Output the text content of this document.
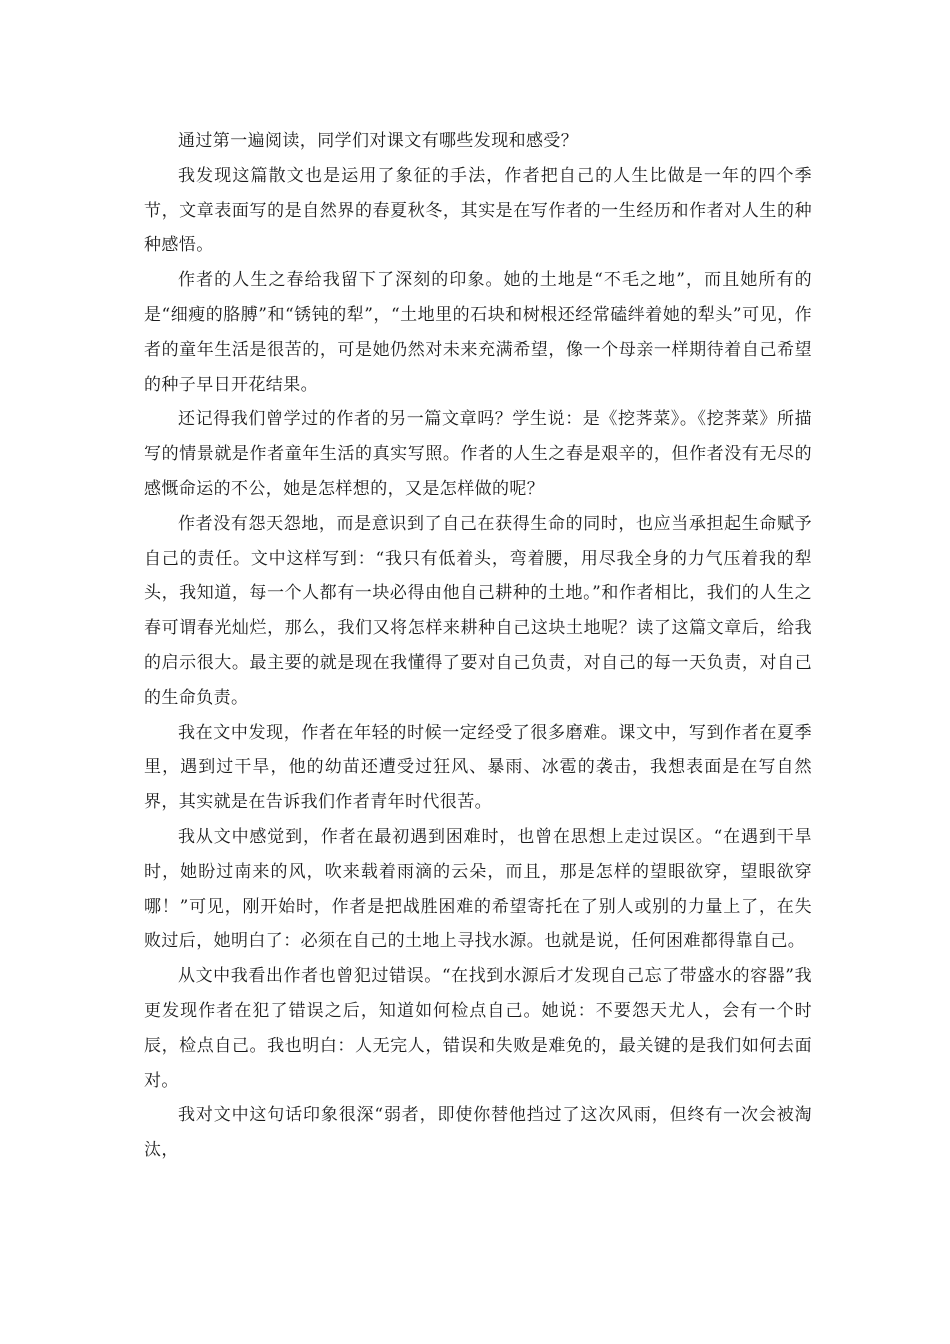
通过第一遍阅读，同学们对课文有哪些发现和感受？

我发现这篇散文也是运用了象征的手法，作者把自己的人生比做是一年的四个季节，文章表面写的是自然界的春夏秋冬，其实是在写作者的一生经历和作者对人生的种种感悟。

作者的人生之春给我留下了深刻的印象。她的土地是“不毛之地”，而且她所有的是“细瘦的胳膊”和“锈钝的犁”，“土地里的石块和树根还经常磕绊着她的犁头”可见，作者的童年生活是很苦的，可是她仍然对未来充满希望，像一个母亲一样期待着自己希望的种子早日开花结果。

还记得我们曾学过的作者的另一篇文章吗？学生说：是《挖荠菜》。《挖荠菜》所描写的情景就是作者童年生活的真实写照。作者的人生之春是艰辛的，但作者没有无尽的感慨命运的不公，她是怎样想的，又是怎样做的呢？

作者没有怨天怨地，而是意识到了自己在获得生命的同时，也应当承担起生命赋予自己的责任。文中这样写到：“我只有低着头，弯着腰，用尽我全身的力气压着我的犁头，我知道，每一个人都有一块必得由他自己耕种的土地。”和作者相比，我们的人生之春可谓春光灿烂，那么，我们又将怎样来耕种自己这块土地呢？读了这篇文章后，给我的启示很大。最主要的就是现在我懂得了要对自己负责，对自己的每一天负责，对自己的生命负责。

我在文中发现，作者在年轻的时候一定经受了很多磨难。课文中，写到作者在夏季里，遇到过干旱，他的幼苗还遭受过狂风、暴雨、冰雹的袭击，我想表面是在写自然界，其实就是在告诉我们作者青年时代很苦。

我从文中感觉到，作者在最初遇到困难时，也曾在思想上走过误区。“在遇到干旱时，她盼过南来的风，吹来载着雨滴的云朵，而且，那是怎样的望眼欲穿，望眼欲穿哪！”可见，刚开始时，作者是把战胜困难的希望寄托在了别人或别的力量上了，在失败过后，她明白了：必须在自己的土地上寻找水源。也就是说，任何困难都得靠自己。

从文中我看出作者也曾犯过错误。“在找到水源后才发现自己忘了带盛水的容器”我更发现作者在犯了错误之后，知道如何检点自己。她说：不要怨天尤人，会有一个时辰，检点自己。我也明白：人无完人，错误和失败是难免的，最关键的是我们如何去面对。

我对文中这句话印象很深“弱者，即使你替他挡过了这次风雨，但终有一次会被淘汰，
